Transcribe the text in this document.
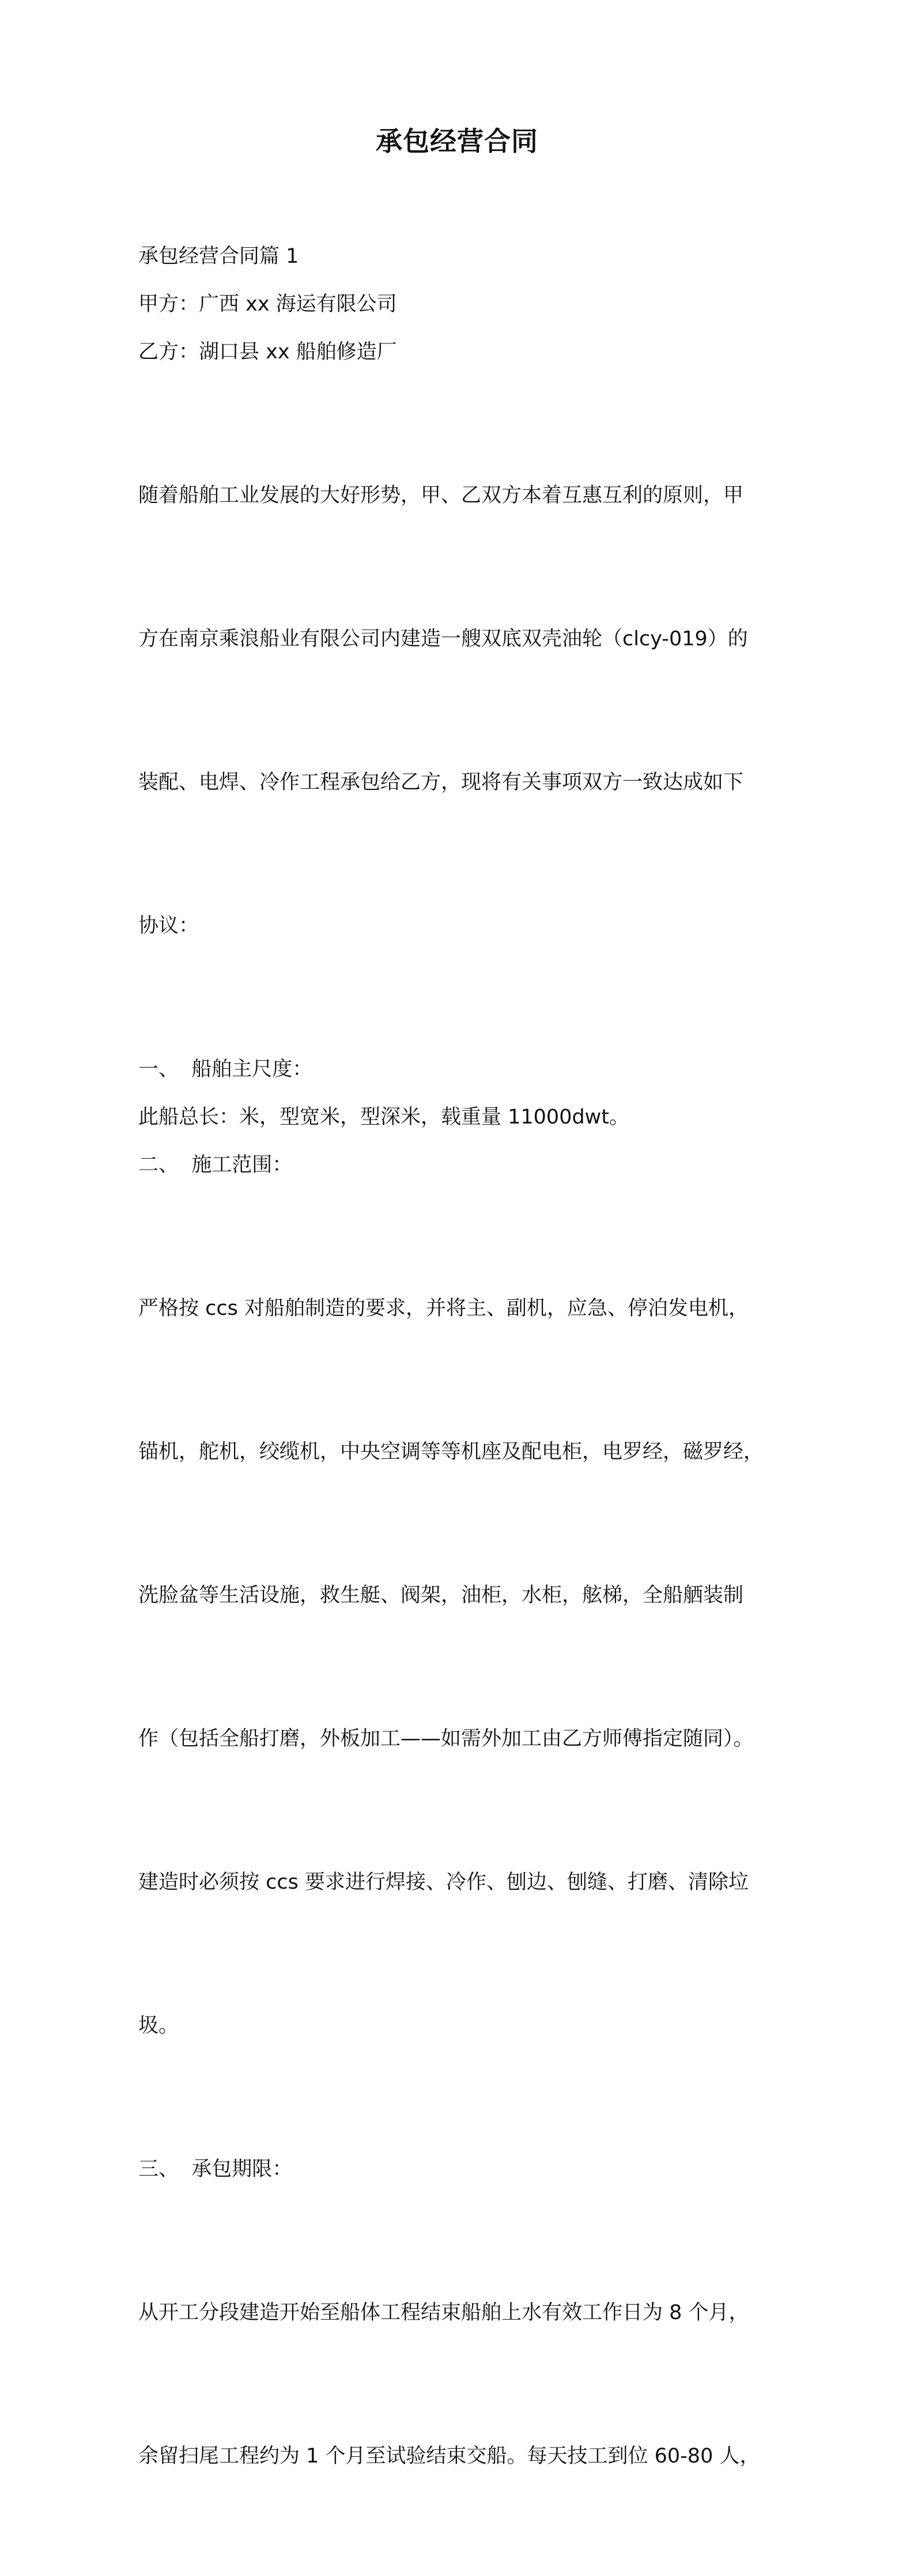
承包经营合同

承包经营合同篇 1

甲方：广西 xx 海运有限公司

乙方：湖口县 xx 船舶修造厂

随着船舶工业发展的大好形势，甲、乙双方本着互惠互利的原则，甲

方在南京乘浪船业有限公司内建造一艘双底双壳油轮（clcy-019）的

装配、电焊、冷作工程承包给乙方，现将有关事项双方一致达成如下

协议：

一、  船舶主尺度：

此船总长：米，型宽米，型深米，载重量 11000dwt。

二、  施工范围：

严格按 ccs 对船舶制造的要求，并将主、副机，应急、停泊发电机，

锚机，舵机，绞缆机，中央空调等等机座及配电柜，电罗经，磁罗经，

洗脸盆等生活设施，救生艇、阀架，油柜，水柜，舷梯，全船舾装制

作（包括全船打磨，外板加工——如需外加工由乙方师傅指定随同）。

建造时必须按 ccs 要求进行焊接、冷作、刨边、刨缝、打磨、清除垃

圾。

三、  承包期限：

从开工分段建造开始至船体工程结束船舶上水有效工作日为 8 个月，

余留扫尾工程约为 1 个月至试验结束交船。每天技工到位 60-80 人，
